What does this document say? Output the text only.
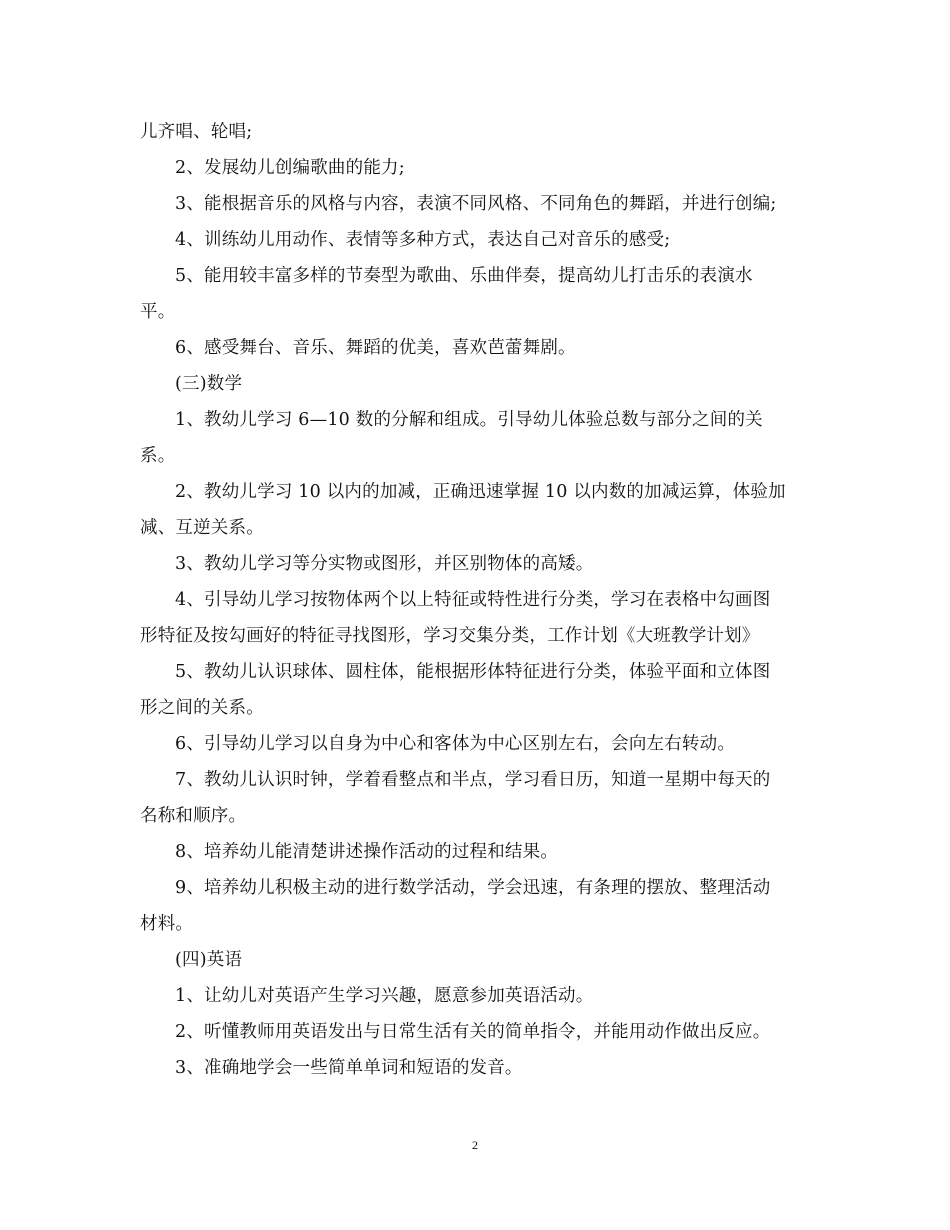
儿齐唱、轮唱;
2、发展幼儿创编歌曲的能力;
3、能根据音乐的风格与内容，表演不同风格、不同角色的舞蹈，并进行创编;
4、训练幼儿用动作、表情等多种方式，表达自己对音乐的感受;
5、能用较丰富多样的节奏型为歌曲、乐曲伴奏，提高幼儿打击乐的表演水
平。
6、感受舞台、音乐、舞蹈的优美，喜欢芭蕾舞剧。
(三)数学
1、教幼儿学习 6—10 数的分解和组成。引导幼儿体验总数与部分之间的关
系。
2、教幼儿学习 10 以内的加减，正确迅速掌握 10 以内数的加减运算，体验加
减、互逆关系。
3、教幼儿学习等分实物或图形，并区别物体的高矮。
4、引导幼儿学习按物体两个以上特征或特性进行分类，学习在表格中勾画图
形特征及按勾画好的特征寻找图形，学习交集分类，工作计划《大班教学计划》
5、教幼儿认识球体、圆柱体，能根据形体特征进行分类，体验平面和立体图
形之间的关系。
6、引导幼儿学习以自身为中心和客体为中心区别左右，会向左右转动。
7、教幼儿认识时钟，学着看整点和半点，学习看日历，知道一星期中每天的
名称和顺序。
8、培养幼儿能清楚讲述操作活动的过程和结果。
9、培养幼儿积极主动的进行数学活动，学会迅速，有条理的摆放、整理活动
材料。
(四)英语
1、让幼儿对英语产生学习兴趣，愿意参加英语活动。
2、听懂教师用英语发出与日常生活有关的简单指令，并能用动作做出反应。
3、准确地学会一些简单单词和短语的发音。
2
